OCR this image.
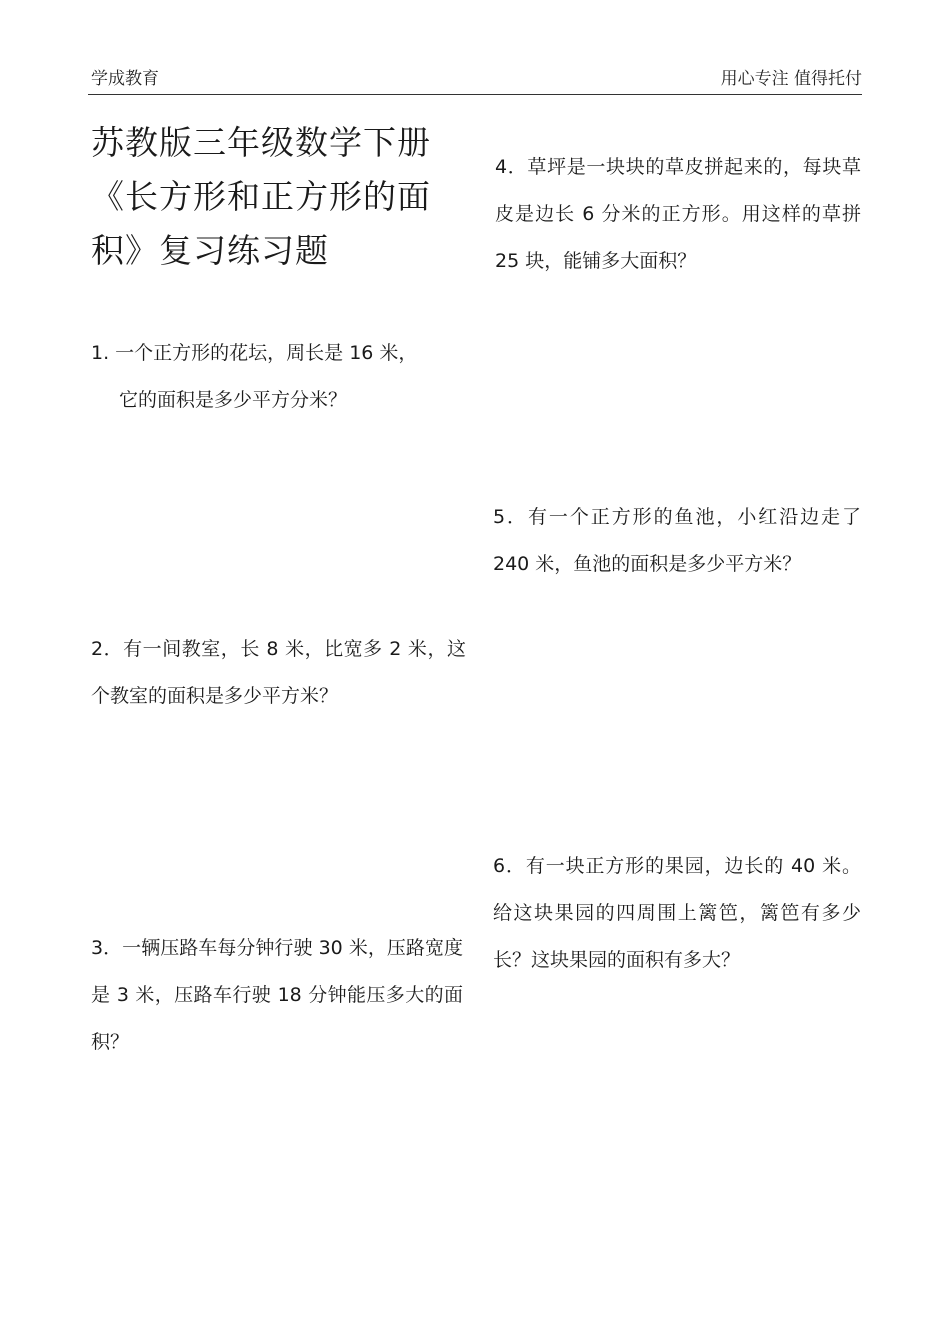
学成教育	用心专注 值得托付
苏教版三年级数学下册《长方形和正方形的面积》复习练习题
1. 一个正方形的花坛，周长是 16 米，
它的面积是多少平方分米？
2．有一间教室，长 8 米，比宽多 2 米，这个教室的面积是多少平方米？
3．一辆压路车每分钟行驶 30 米，压路宽度是 3 米，压路车行驶 18 分钟能压多大的面积？
4．草坪是一块块的草皮拼起来的，每块草皮是边长 6 分米的正方形。用这样的草拼 25 块，能铺多大面积？
5．有一个正方形的鱼池，小红沿边走了 240 米，鱼池的面积是多少平方米？
6．有一块正方形的果园，边长的 40 米。给这块果园的四周围上篱笆，篱笆有多少长？这块果园的面积有多大？
